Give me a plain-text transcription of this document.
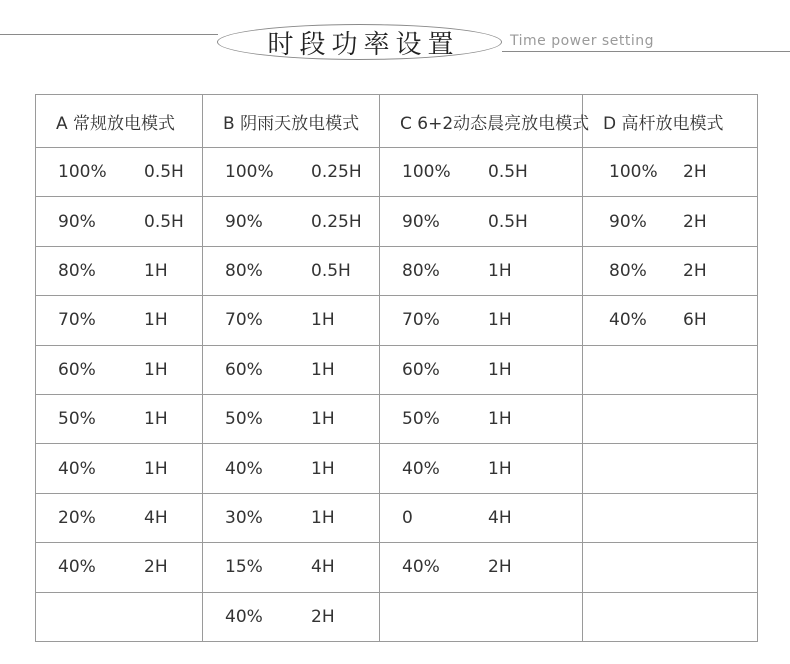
时段功率设置	Time power setting
A 常规放电模式	B 阴雨天放电模式	C 6+2动态晨亮放电模式	D 高杆放电模式

100% 0.5H	100% 0.25H	100% 0.5H	100% 2H

90% 0.5H	90% 0.25H	90% 0.5H	90% 2H

80% 1H	80% 0.5H	80% 1H	80% 2H

70% 1H	70% 1H	70% 1H	40% 6H

60% 1H	60% 1H	60% 1H	

50% 1H	50% 1H	50% 1H	

40% 1H	40% 1H	40% 1H	

20% 4H	30% 1H	0 4H	

40% 2H	15% 4H	40% 2H	

	40% 2H		
